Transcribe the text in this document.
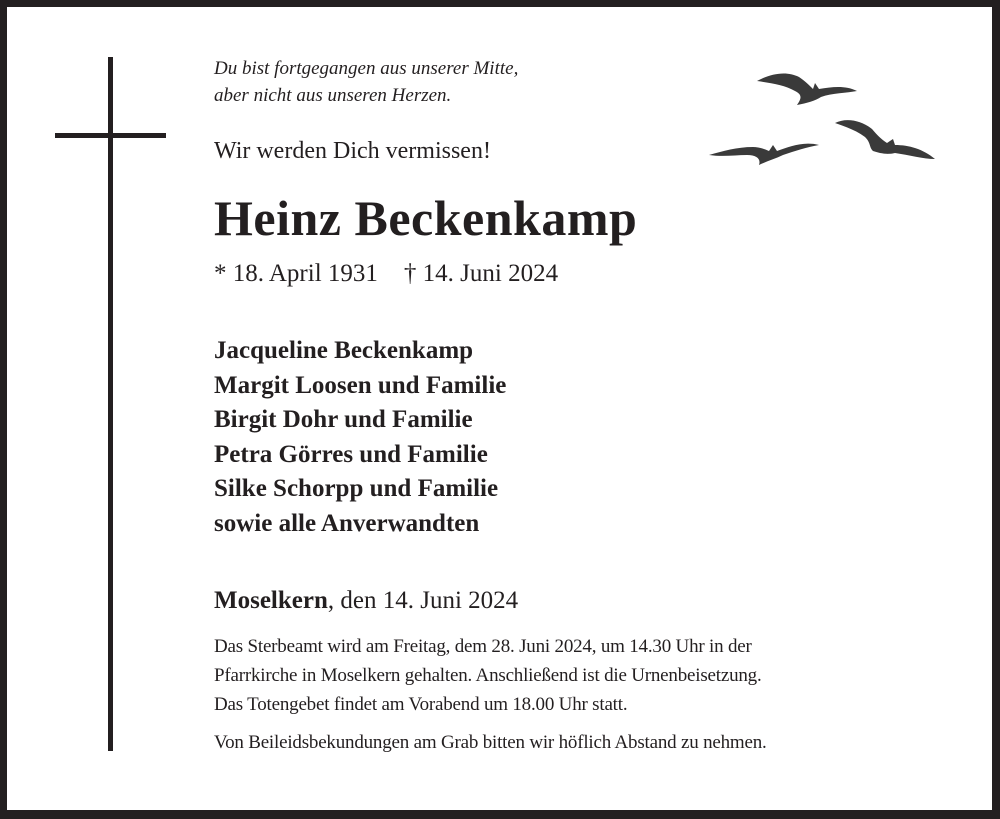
Du bist fortgegangen aus unserer Mitte,
aber nicht aus unseren Herzen.
Wir werden Dich vermissen!
Heinz Beckenkamp
* 18. April 1931 † 14. Juni 2024
Jacqueline Beckenkamp
Margit Loosen und Familie
Birgit Dohr und Familie
Petra Görres und Familie
Silke Schorpp und Familie
sowie alle Anverwandten
Moselkern, den 14. Juni 2024
Das Sterbeamt wird am Freitag, dem 28. Juni 2024, um 14.30 Uhr in der
Pfarrkirche in Moselkern gehalten. Anschließend ist die Urnenbeisetzung.
Das Totengebet findet am Vorabend um 18.00 Uhr statt.
Von Beileidsbekundungen am Grab bitten wir höflich Abstand zu nehmen.
